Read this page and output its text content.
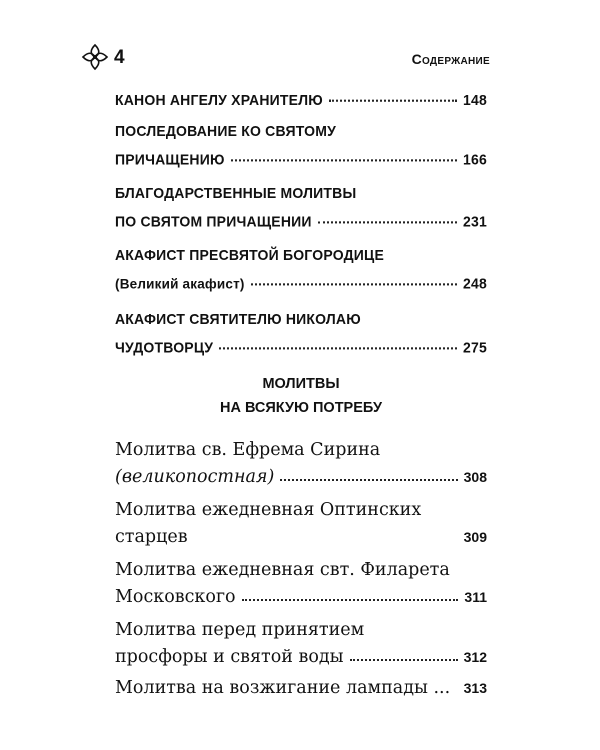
4	Содержание
КАНОН АНГЕЛУ ХРАНИТЕЛЮ	148
ПОСЛЕДОВАНИЕ КО СВЯТОМУ
ПРИЧАЩЕНИЮ	166
БЛАГОДАРСТВЕННЫЕ МОЛИТВЫ
ПО СВЯТОМ ПРИЧАЩЕНИИ	231
АКАФИСТ ПРЕСВЯТОЙ БОГОРОДИЦЕ
(Великий акафист)	248
АКАФИСТ СВЯТИТЕЛЮ НИКОЛАЮ
ЧУДОТВОРЦУ	275
МОЛИТВЫ
НА ВСЯКУЮ ПОТРЕБУ
Молитва св. Ефрема Сирина
(великопостная)	308
Молитва ежедневная Оптинских
старцев	309
Молитва ежедневная свт. Филарета
Московского	311
Молитва перед принятием
просфоры и святой воды	312
Молитва на возжигание лампады ... 313
